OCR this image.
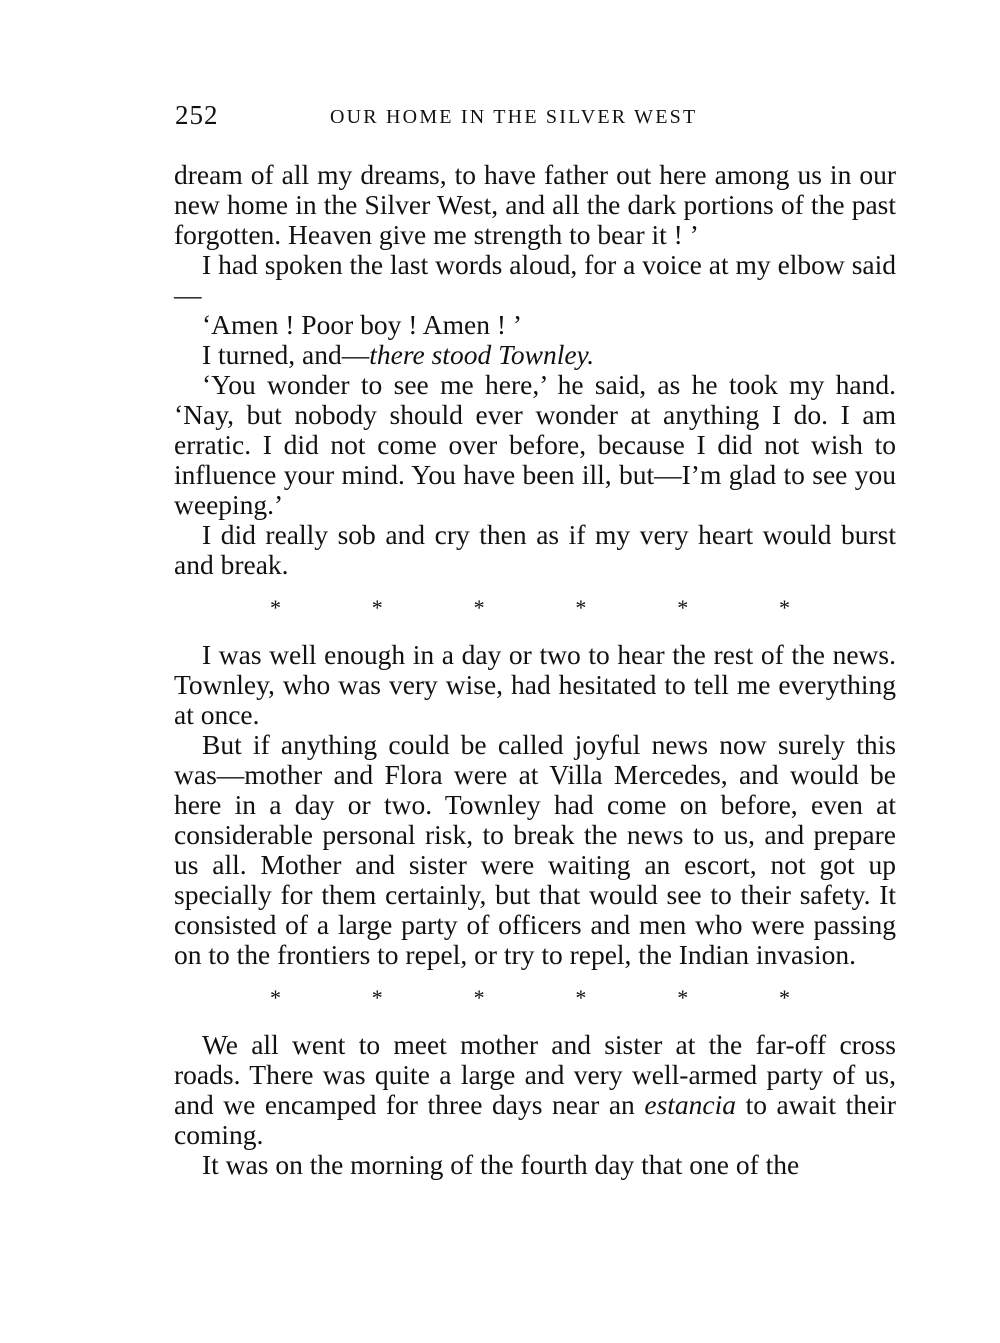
252	OUR HOME IN THE SILVER WEST

dream of all my dreams, to have father out here among us in our new home in the Silver West, and all the dark portions of the past forgotten. Heaven give me strength to bear it ! ’

I had spoken the last words aloud, for a voice at my elbow said—

‘Amen ! Poor boy ! Amen ! ’

I turned, and—there stood Townley.

‘You wonder to see me here,’ he said, as he took my hand. ‘Nay, but nobody should ever wonder at anything I do. I am erratic. I did not come over before, because I did not wish to influence your mind. You have been ill, but—I’m glad to see you weeping.’

I did really sob and cry then as if my very heart would burst and break.

*	*	*	*	*	*

I was well enough in a day or two to hear the rest of the news. Townley, who was very wise, had hesitated to tell me everything at once.

But if anything could be called joyful news now surely this was—mother and Flora were at Villa Mercedes, and would be here in a day or two. Townley had come on before, even at considerable personal risk, to break the news to us, and prepare us all. Mother and sister were waiting an escort, not got up specially for them certainly, but that would see to their safety. It consisted of a large party of officers and men who were passing on to the frontiers to repel, or try to repel, the Indian invasion.

*	*	*	*	*	*

We all went to meet mother and sister at the far-off cross roads. There was quite a large and very well-armed party of us, and we encamped for three days near an estancia to await their coming.

It was on the morning of the fourth day that one of the
